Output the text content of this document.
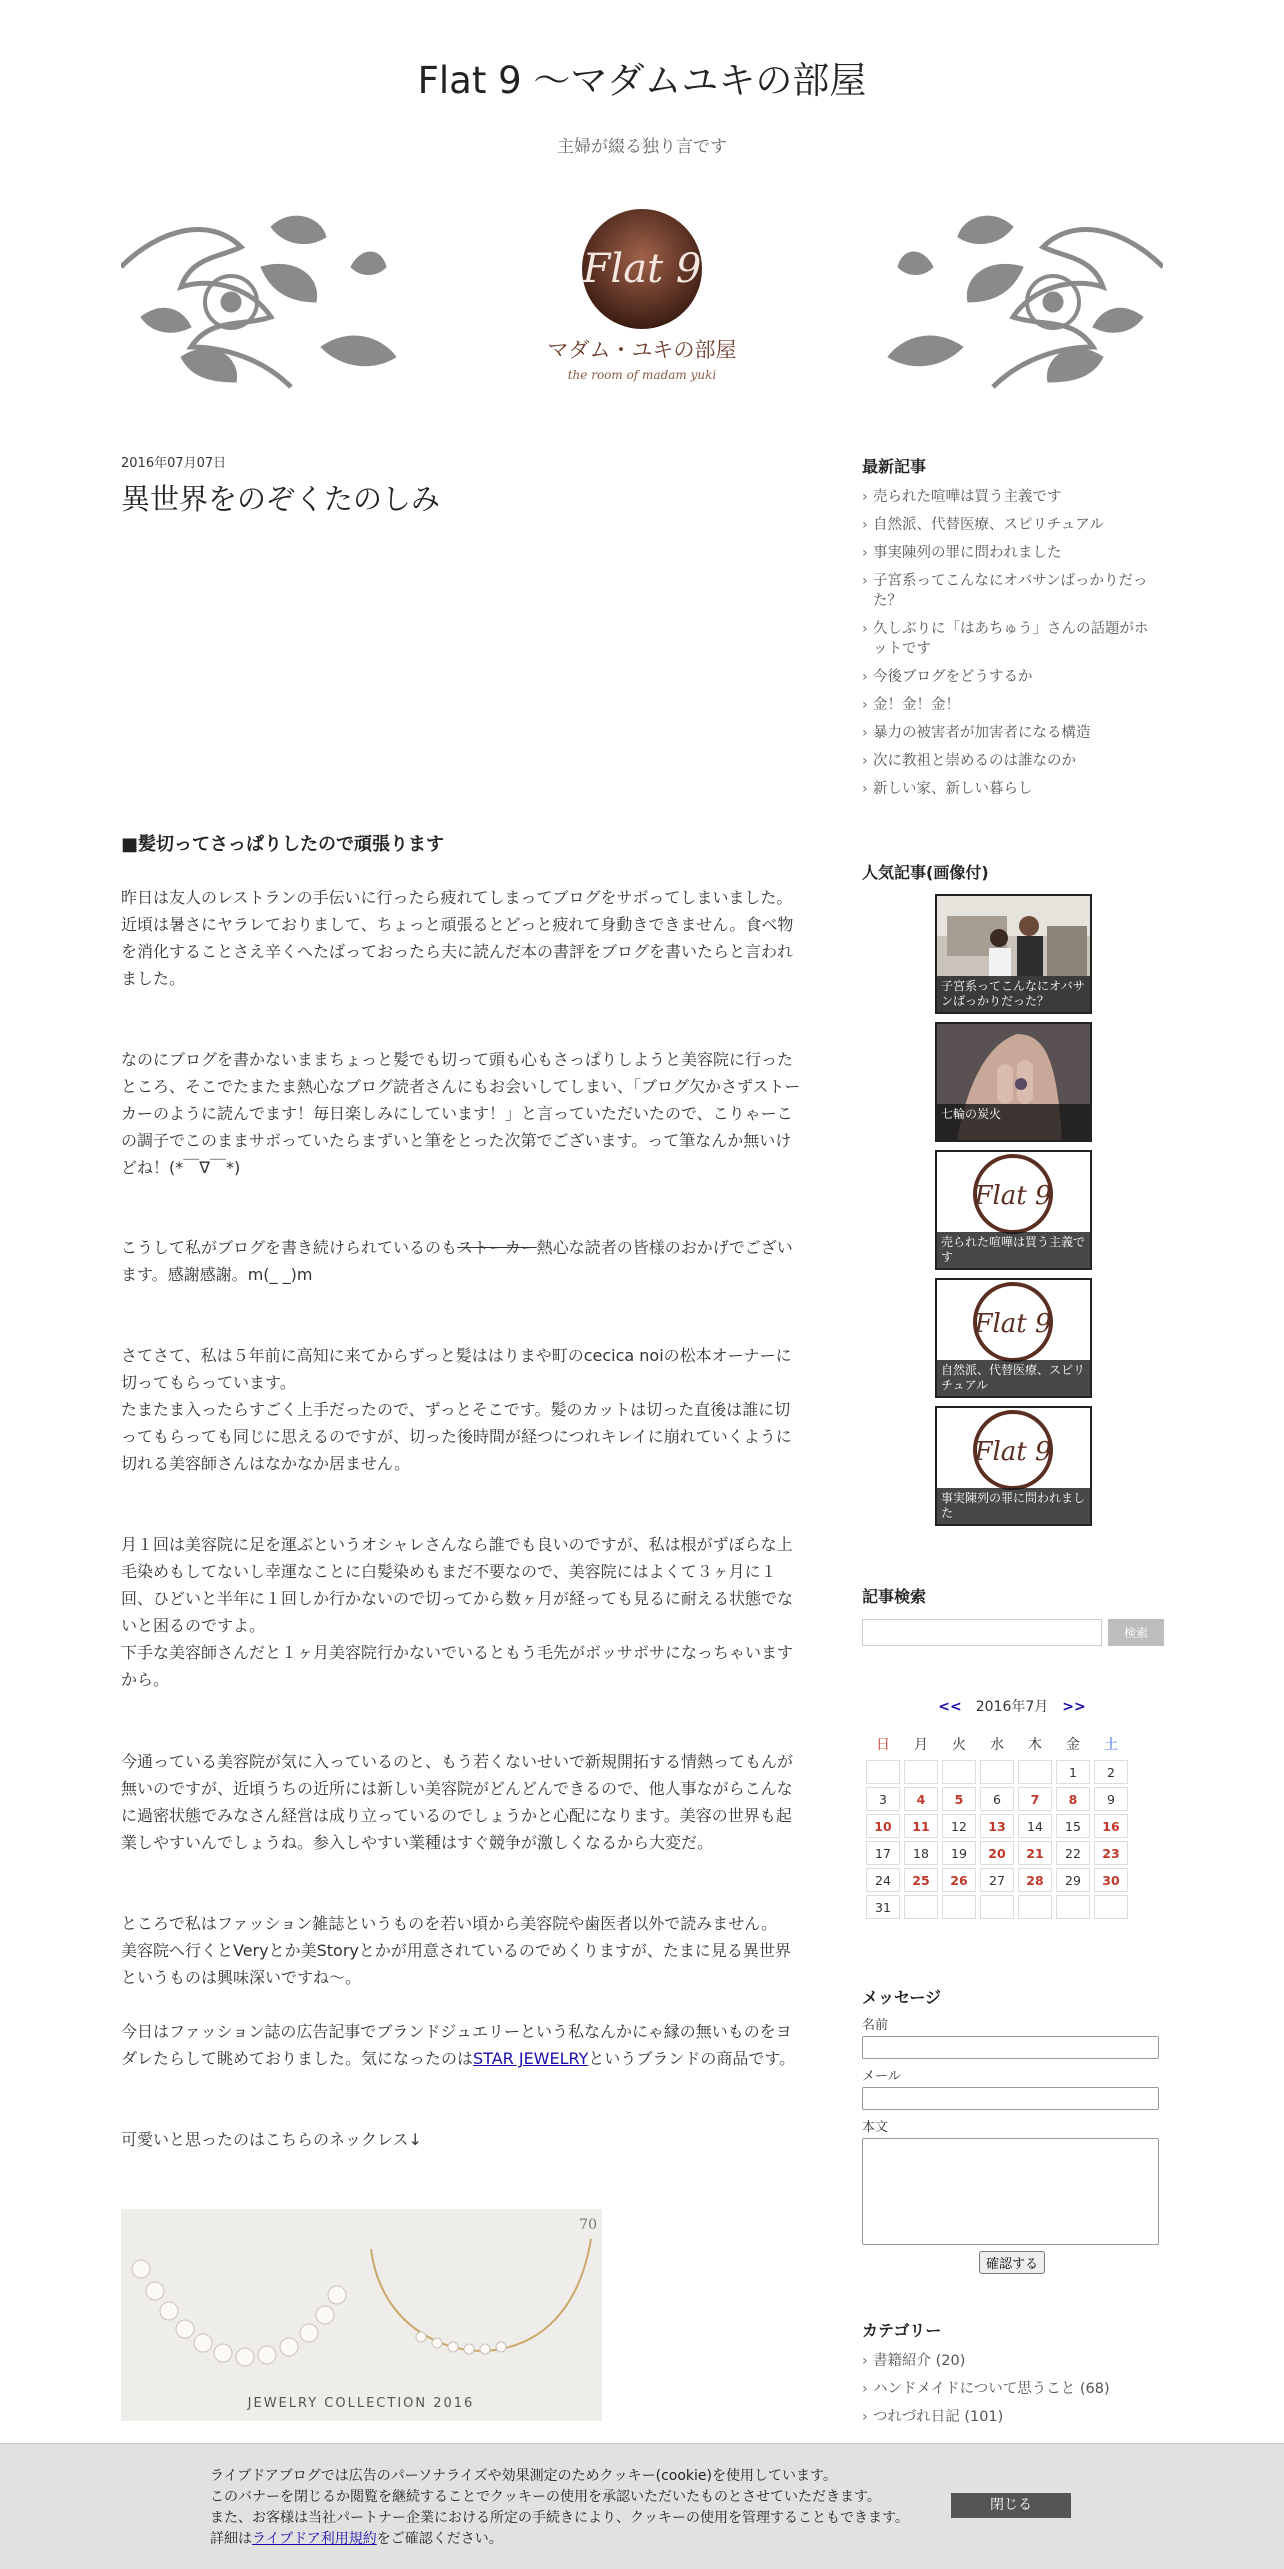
Flat 9 〜マダムユキの部屋
主婦が綴る独り言です
Flat 9
マダム・ユキの部屋
the room of madam yuki
2016年07月07日
異世界をのぞくたのしみ
■髪切ってさっぱりしたので頑張ります
昨日は友人のレストランの手伝いに行ったら疲れてしまってブログをサボってしまいました。近頃は暑さにヤラレておりまして、ちょっと頑張るとどっと疲れて身動きできません。食べ物を消化することさえ辛くへたばっておったら夫に読んだ本の書評をブログを書いたらと言われました。
なのにブログを書かないままちょっと髪でも切って頭も心もさっぱりしようと美容院に行ったところ、そこでたまたま熱心なブログ読者さんにもお会いしてしまい、「ブログ欠かさずストーカーのように読んでます！毎日楽しみにしています！」と言っていただいたので、こりゃーこの調子でこのままサボっていたらまずいと筆をとった次第でございます。って筆なんか無いけどね！(*￣∇￣*)
こうして私がブログを書き続けられているのもストーカー熱心な読者の皆様のおかげでございます。感謝感謝。m(_ _)m
さてさて、私は５年前に高知に来てからずっと髪ははりまや町のcecica noiの松本オーナーに切ってもらっています。
たまたま入ったらすごく上手だったので、ずっとそこです。髪のカットは切った直後は誰に切ってもらっても同じに思えるのですが、切った後時間が経つにつれキレイに崩れていくように切れる美容師さんはなかなか居ません。
月１回は美容院に足を運ぶというオシャレさんなら誰でも良いのですが、私は根がずぼらな上毛染めもしてないし幸運なことに白髪染めもまだ不要なので、美容院にはよくて３ヶ月に１回、ひどいと半年に１回しか行かないので切ってから数ヶ月が経っても見るに耐える状態でないと困るのですよ。
下手な美容師さんだと１ヶ月美容院行かないでいるともう毛先がボッサボサになっちゃいますから。
今通っている美容院が気に入っているのと、もう若くないせいで新規開拓する情熱ってもんが無いのですが、近頃うちの近所には新しい美容院がどんどんできるので、他人事ながらこんなに過密状態でみなさん経営は成り立っているのでしょうかと心配になります。美容の世界も起業しやすいんでしょうね。参入しやすい業種はすぐ競争が激しくなるから大変だ。
ところで私はファッション雑誌というものを若い頃から美容院や歯医者以外で読みません。
美容院へ行くとVeryとか美Storyとかが用意されているのでめくりますが、たまに見る異世界というものは興味深いですね〜。
今日はファッション誌の広告記事でブランドジュエリーという私なんかにゃ縁の無いものをヨダレたらして眺めておりました。気になったのはSTAR JEWELRYというブランドの商品です。
可愛いと思ったのはこちらのネックレス↓
JEWELRY COLLECTION 2016
70
最新記事
› 売られた喧嘩は買う主義です
› 自然派、代替医療、スピリチュアル
› 事実陳列の罪に問われました
› 子宮系ってこんなにオバサンばっかりだった？
› 久しぶりに「はあちゅう」さんの話題がホットです
› 今後ブログをどうするか
› 金！金！金！
› 暴力の被害者が加害者になる構造
› 次に教祖と崇めるのは誰なのか
› 新しい家、新しい暮らし
人気記事(画像付)
子宮系ってこんなにオバサンばっかりだった？
七輪の炭火
Flat 9
売られた喧嘩は買う主義です
Flat 9
自然派、代替医療、スピリチュアル
Flat 9
事実陳列の罪に問われました
記事検索
検索
<< 2016年7月 >>
日	月	火	水	木	金	土
					1	2
3	4	5	6	7	8	9
10	11	12	13	14	15	16
17	18	19	20	21	22	23
24	25	26	27	28	29	30
31						
メッセージ
名前
メール
本文
確認する
カテゴリー
› 書籍紹介 (20)
› ハンドメイドについて思うこと (68)
› つれづれ日記 (101)
ライブドアブログでは広告のパーソナライズや効果測定のためクッキー(cookie)を使用しています。
このバナーを閉じるか閲覧を継続することでクッキーの使用を承認いただいたものとさせていただきます。
また、お客様は当社パートナー企業における所定の手続きにより、クッキーの使用を管理することもできます。
詳細はライブドア利用規約をご確認ください。
閉じる
